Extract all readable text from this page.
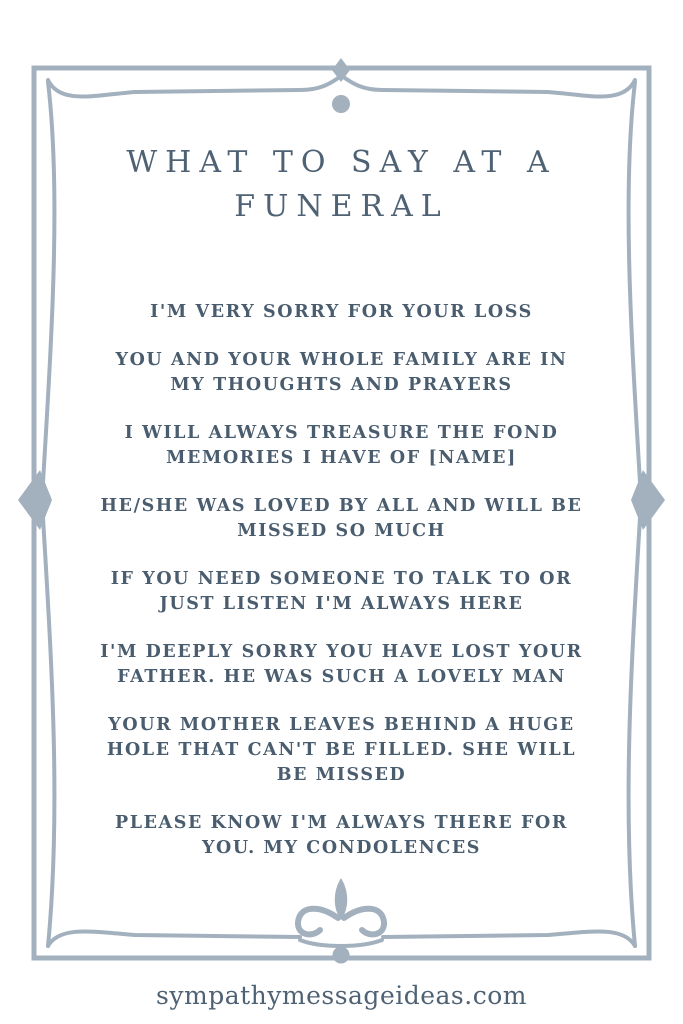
WHAT TO SAY AT A
FUNERAL
I'M VERY SORRY FOR YOUR LOSS
YOU AND YOUR WHOLE FAMILY ARE IN
MY THOUGHTS AND PRAYERS
I WILL ALWAYS TREASURE THE FOND
MEMORIES I HAVE OF [NAME]
HE/SHE WAS LOVED BY ALL AND WILL BE
MISSED SO MUCH
IF YOU NEED SOMEONE TO TALK TO OR
JUST LISTEN I'M ALWAYS HERE
I'M DEEPLY SORRY YOU HAVE LOST YOUR
FATHER. HE WAS SUCH A LOVELY MAN
YOUR MOTHER LEAVES BEHIND A HUGE
HOLE THAT CAN'T BE FILLED. SHE WILL
BE MISSED
PLEASE KNOW I'M ALWAYS THERE FOR
YOU. MY CONDOLENCES
sympathymessageideas.com
